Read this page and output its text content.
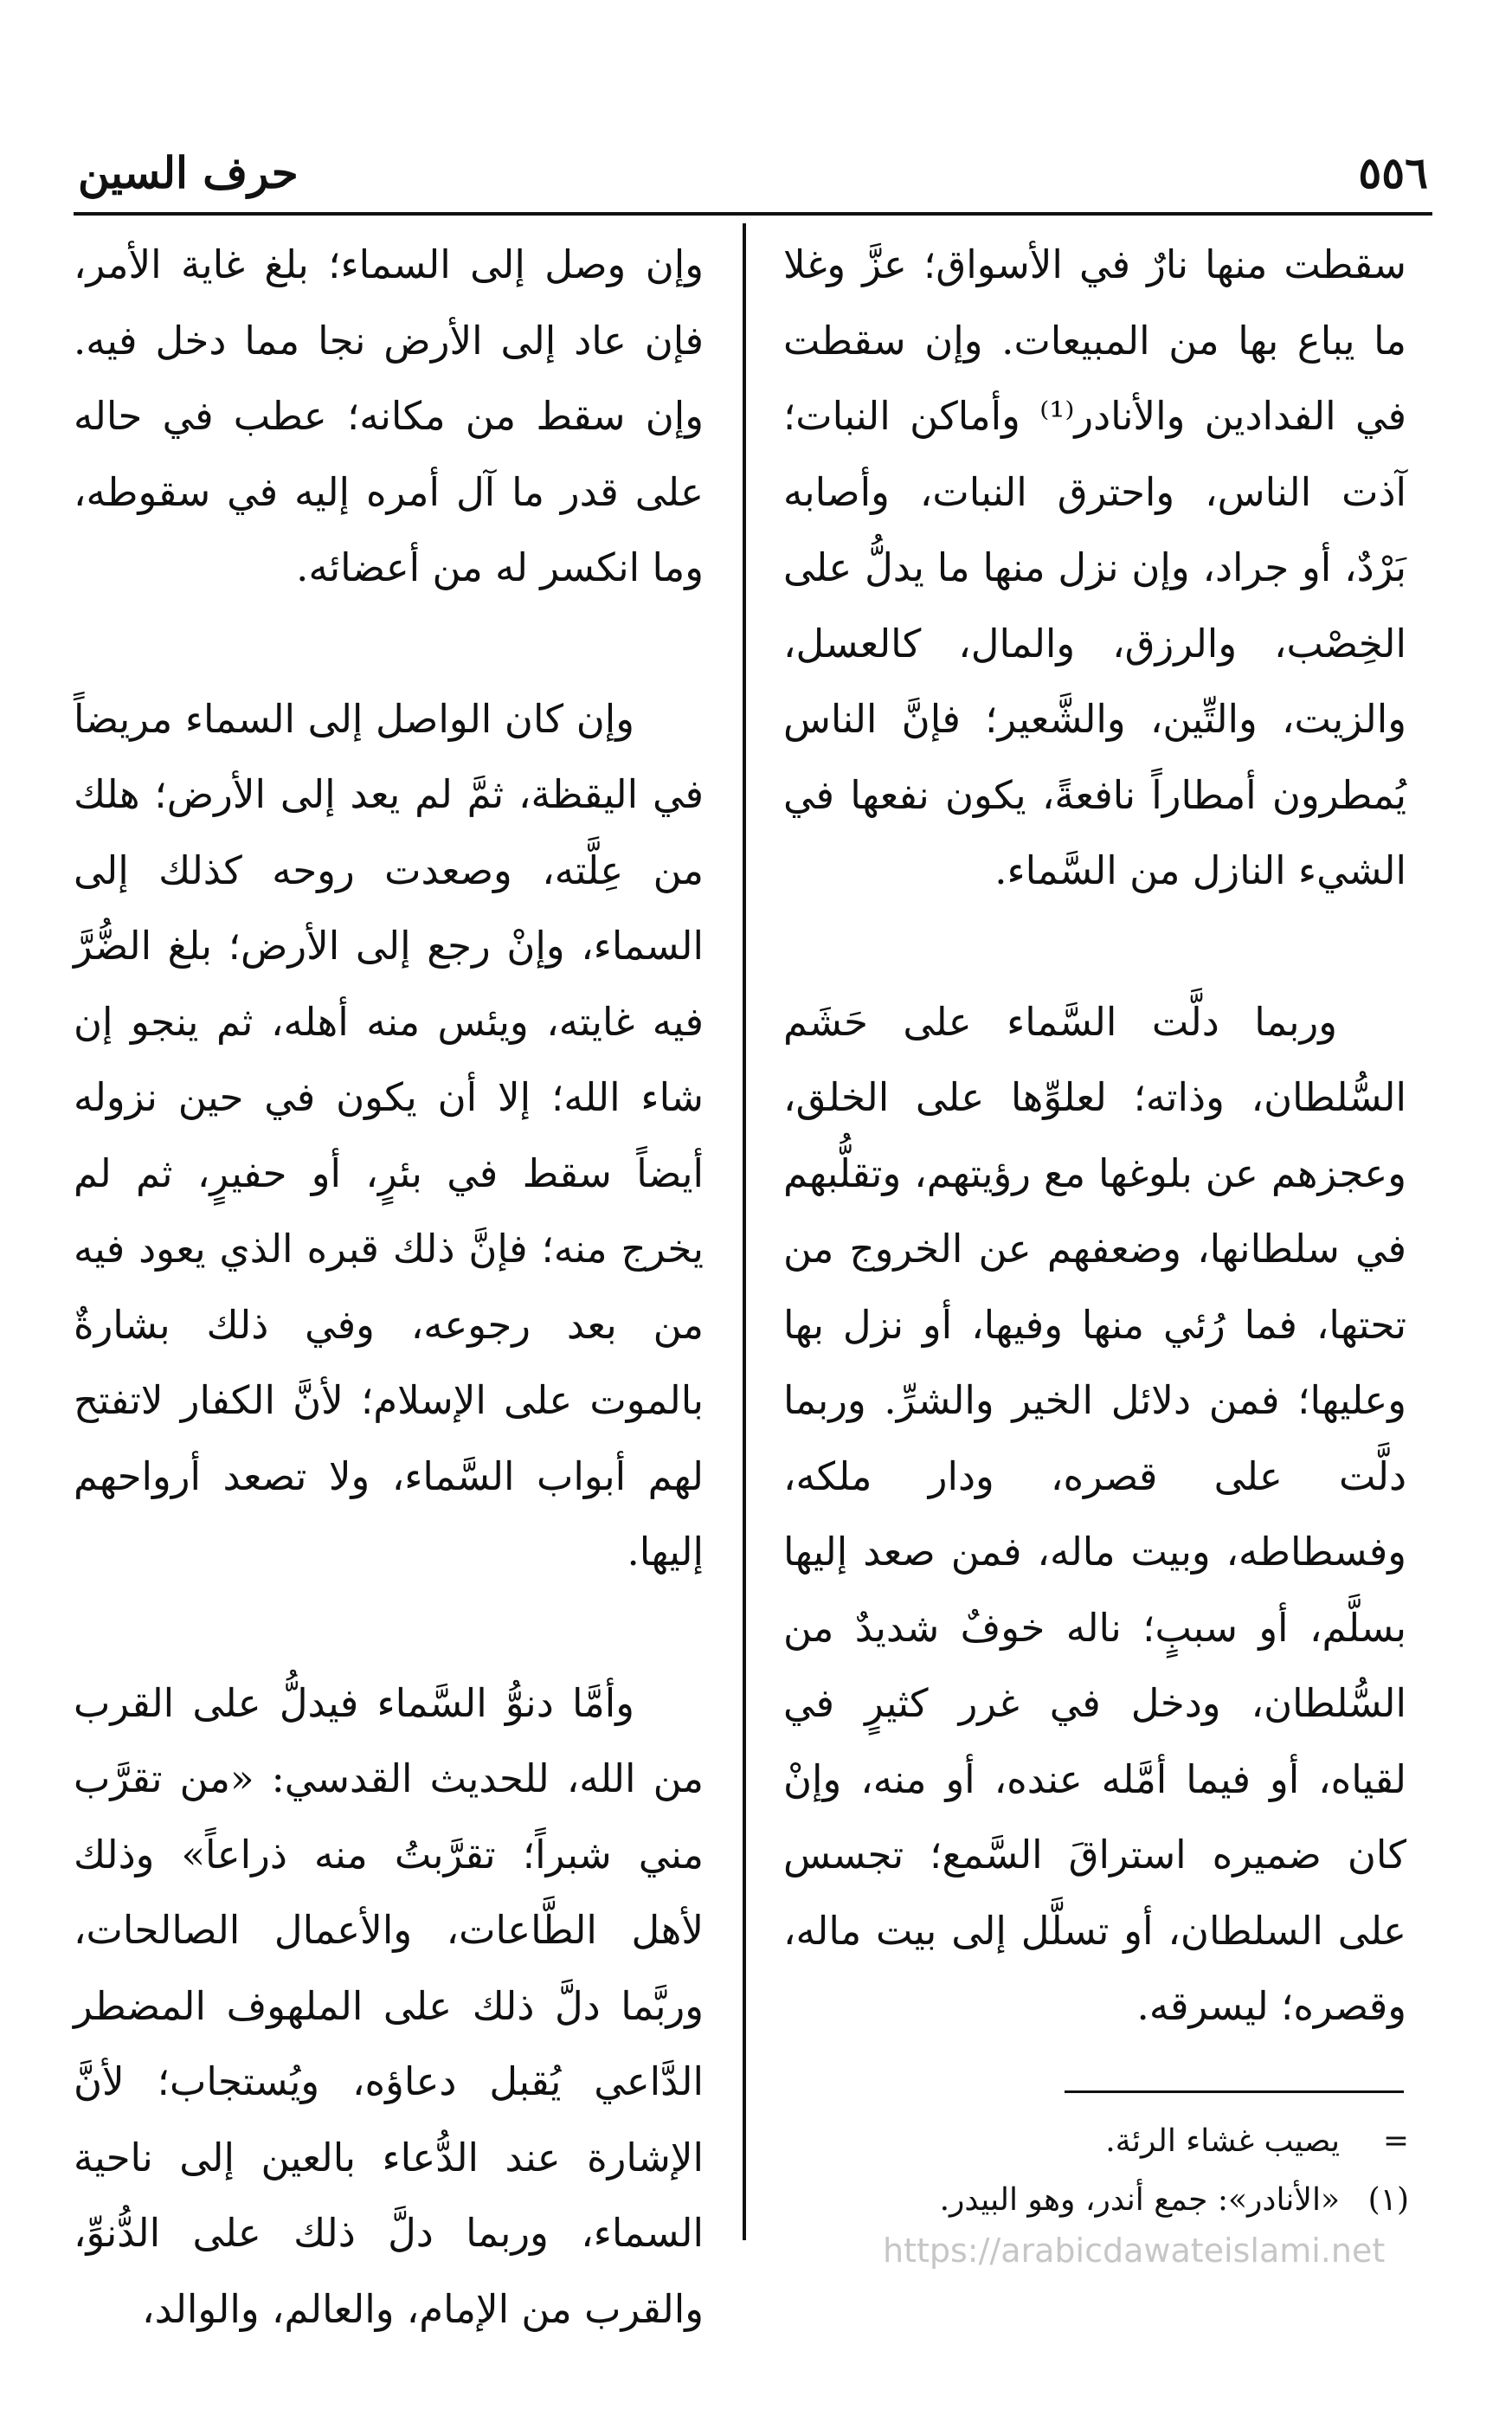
٥٥٦
حرف السين

سقطت منها نارٌ في الأسواق؛ عزَّ وغلا ما يباع بها من المبيعات. وإن سقطت في الفدادين والأنادر⁽¹⁾ وأماكن النبات؛ آذت الناس، واحترق النبات، وأصابه بَرْدٌ، أو جراد، وإن نزل منها ما يدلُّ على الخِصْب، والرزق، والمال، كالعسل، والزيت، والتِّين، والشَّعير؛ فإنَّ الناس يُمطرون أمطاراً نافعةً، يكون نفعها في الشيء النازل من السَّماء.

وربما دلَّت السَّماء على حَشَم السُّلطان، وذاته؛ لعلوِّها على الخلق، وعجزهم عن بلوغها مع رؤيتهم، وتقلُّبهم في سلطانها، وضعفهم عن الخروج من تحتها، فما رُئي منها وفيها، أو نزل بها وعليها؛ فمن دلائل الخير والشرِّ. وربما دلَّت على قصره، ودار ملكه، وفسطاطه، وبيت ماله، فمن صعد إليها بسلَّم، أو سببٍ؛ ناله خوفٌ شديدٌ من السُّلطان، ودخل في غرر كثيرٍ في لقياه، أو فيما أمَّله عنده، أو منه، وإنْ كان ضميره استراقَ السَّمع؛ تجسس على السلطان، أو تسلَّل إلى بيت ماله، وقصره؛ ليسرقه.

وإن وصل إلى السماء؛ بلغ غاية الأمر، فإن عاد إلى الأرض نجا مما دخل فيه. وإن سقط من مكانه؛ عطب في حاله على قدر ما آل أمره إليه في سقوطه، وما انكسر له من أعضائه.

وإن كان الواصل إلى السماء مريضاً في اليقظة، ثمَّ لم يعد إلى الأرض؛ هلك من عِلَّته، وصعدت روحه كذلك إلى السماء، وإنْ رجع إلى الأرض؛ بلغ الضُّرَّ فيه غايته، ويئس منه أهله، ثم ينجو إن شاء الله؛ إلا أن يكون في حين نزوله أيضاً سقط في بئرٍ، أو حفيرٍ، ثم لم يخرج منه؛ فإنَّ ذلك قبره الذي يعود فيه من بعد رجوعه، وفي ذلك بشارةٌ بالموت على الإسلام؛ لأنَّ الكفار لاتفتح لهم أبواب السَّماء، ولا تصعد أرواحهم إليها.

وأمَّا دنوُّ السَّماء فيدلُّ على القرب من الله، للحديث القدسي: «من تقرَّب مني شبراً؛ تقرَّبتُ منه ذراعاً» وذلك لأهل الطَّاعات، والأعمال الصالحات، وربَّما دلَّ ذلك على الملهوف المضطر الدَّاعي يُقبل دعاؤه، ويُستجاب؛ لأنَّ الإشارة عند الدُّعاء بالعين إلى ناحية السماء، وربما دلَّ ذلك على الدُّنوِّ، والقرب من الإمام، والعالم، والوالد،

=
يصيب غشاء الرئة.
(١)
«الأنادر»: جمع أندر، وهو البيدر.
https://arabicdawateislami.net
